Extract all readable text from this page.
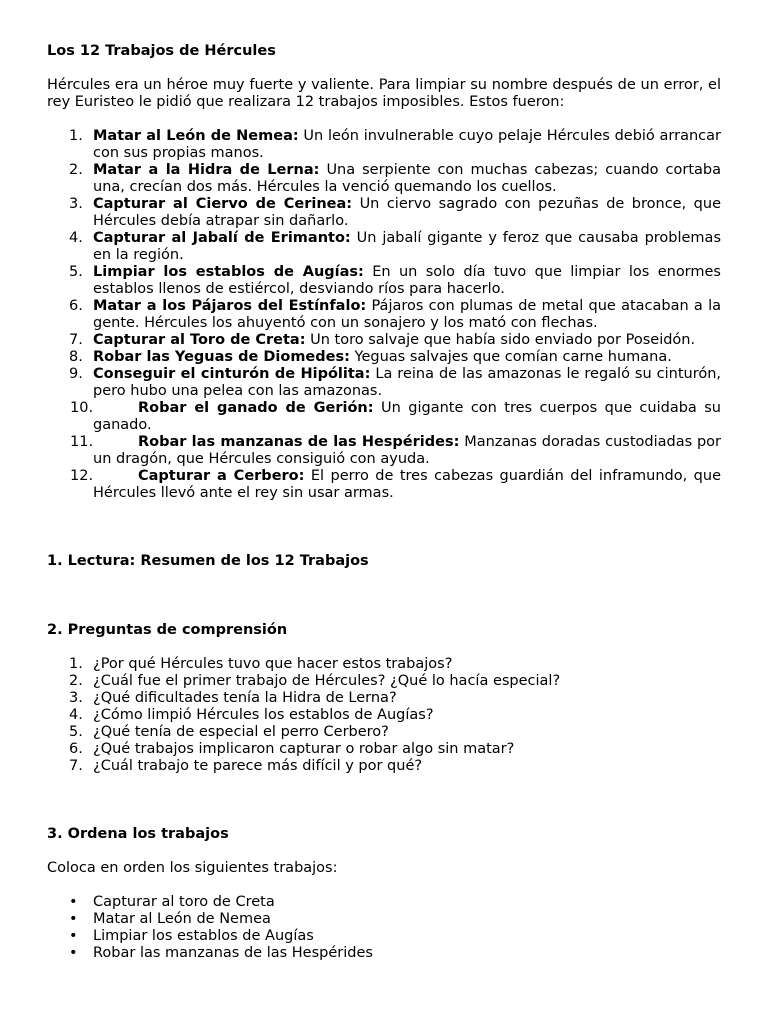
Los 12 Trabajos de Hércules

Hércules era un héroe muy fuerte y valiente. Para limpiar su nombre después de un error, el rey Euristeo le pidió que realizara 12 trabajos imposibles. Estos fueron:

1. Matar al León de Nemea: Un león invulnerable cuyo pelaje Hércules debió arrancar con sus propias manos.
2. Matar a la Hidra de Lerna: Una serpiente con muchas cabezas; cuando cortaba una, crecían dos más. Hércules la venció quemando los cuellos.
3. Capturar al Ciervo de Cerinea: Un ciervo sagrado con pezuñas de bronce, que Hércules debía atrapar sin dañarlo.
4. Capturar al Jabalí de Erimanto: Un jabalí gigante y feroz que causaba problemas en la región.
5. Limpiar los establos de Augías: En un solo día tuvo que limpiar los enormes establos llenos de estiércol, desviando ríos para hacerlo.
6. Matar a los Pájaros del Estínfalo: Pájaros con plumas de metal que atacaban a la gente. Hércules los ahuyentó con un sonajero y los mató con flechas.
7. Capturar al Toro de Creta: Un toro salvaje que había sido enviado por Poseidón.
8. Robar las Yeguas de Diomedes: Yeguas salvajes que comían carne humana.
9. Conseguir el cinturón de Hipólita: La reina de las amazonas le regaló su cinturón, pero hubo una pelea con las amazonas.
10.	Robar el ganado de Gerión: Un gigante con tres cuerpos que cuidaba su ganado.
11.	Robar las manzanas de las Hespérides: Manzanas doradas custodiadas por un dragón, que Hércules consiguió con ayuda.
12.	Capturar a Cerbero: El perro de tres cabezas guardián del inframundo, que Hércules llevó ante el rey sin usar armas.
1. Lectura: Resumen de los 12 Trabajos
2. Preguntas de comprensión
1. ¿Por qué Hércules tuvo que hacer estos trabajos?
2. ¿Cuál fue el primer trabajo de Hércules? ¿Qué lo hacía especial?
3. ¿Qué dificultades tenía la Hidra de Lerna?
4. ¿Cómo limpió Hércules los establos de Augías?
5. ¿Qué tenía de especial el perro Cerbero?
6. ¿Qué trabajos implicaron capturar o robar algo sin matar?
7. ¿Cuál trabajo te parece más difícil y por qué?
3. Ordena los trabajos

Coloca en orden los siguientes trabajos:

• Capturar al toro de Creta
• Matar al León de Nemea
• Limpiar los establos de Augías
• Robar las manzanas de las Hespérides
